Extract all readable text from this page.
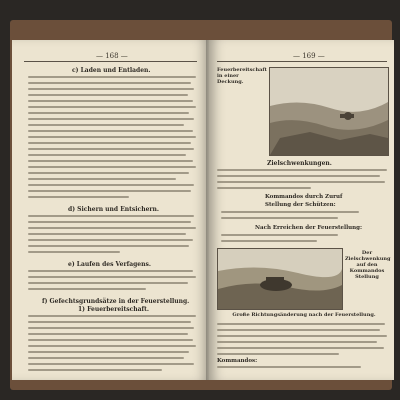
— 168 —
c) Laden und Entladen.
d) Sichern und Entsichern.
e) Laufen des Verfagens.
f) Gefechtsgrundsätze in der Feuerstellung.
1) Feuerbereitschaft.
— 169 —
Feuerbereitschaft in einer Deckung.
Zielschwenkungen.
Kommandos durch Zuruf
Stellung der Schützen:
Nach Erreichen der Feuerstellung:
Der Zielschwenkung auf den Kommandos Stellung
Große Richtungsänderung nach der Feuerstellung.
Kommandos:
